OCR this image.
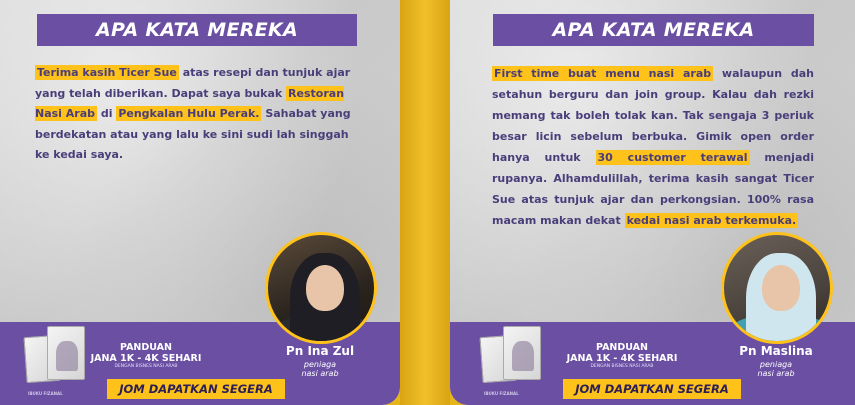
APA KATA MEREKA

Terima kasih Ticer Sue atas resepi dan tunjuk ajar yang telah diberikan. Dapat saya bukak Restoran Nasi Arab di Pengkalan Hulu Perak. Sahabat yang berdekatan atau yang lalu ke sini sudi lah singgah ke kedai saya.

IBUKU FIZANAL
PANDUAN
JANA 1K - 4K SEHARI
DENGAN BISNES NASI ARAB
JOM DAPATKAN SEGERA
Pn Ina Zul
peniaga
nasi arab
APA KATA MEREKA

First time buat menu nasi arab walaupun dah setahun berguru dan join group. Kalau dah rezki memang tak boleh tolak kan. Tak sengaja 3 periuk besar licin sebelum berbuka. Gimik open order hanya untuk 30 customer terawal menjadi rupanya. Alhamdulillah, terima kasih sangat Ticer Sue atas tunjuk ajar dan perkongsian. 100% rasa macam makan dekat kedai nasi arab terkemuka.

IBUKU FIZANAL
PANDUAN
JANA 1K - 4K SEHARI
DENGAN BISNES NASI ARAB
JOM DAPATKAN SEGERA
Pn Maslina
peniaga
nasi arab
